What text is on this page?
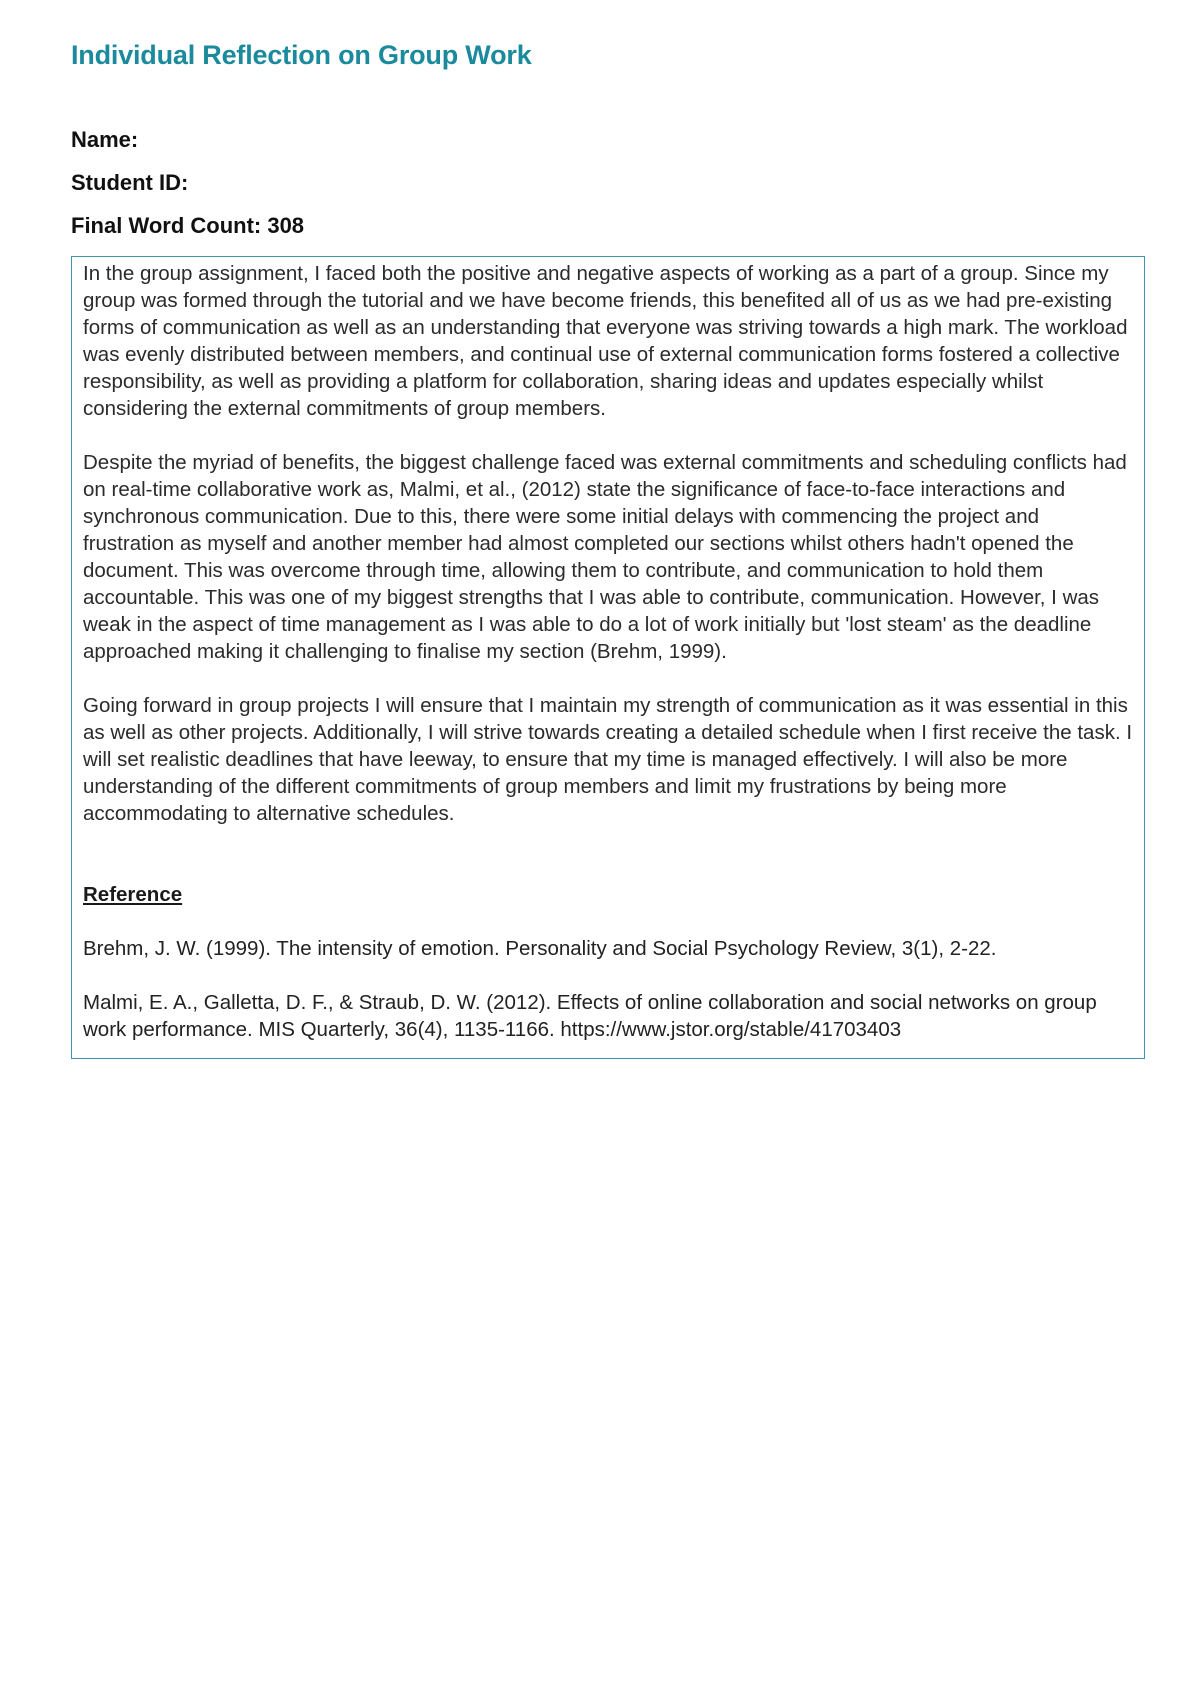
Individual Reflection on Group Work

Name:

Student ID:

Final Word Count: 308

In the group assignment, I faced both the positive and negative aspects of working as a part of a group. Since my group was formed through the tutorial and we have become friends, this benefited all of us as we had pre-existing forms of communication as well as an understanding that everyone was striving towards a high mark. The workload was evenly distributed between members, and continual use of external communication forms fostered a collective responsibility, as well as providing a platform for collaboration, sharing ideas and updates especially whilst considering the external commitments of group members.

Despite the myriad of benefits, the biggest challenge faced was external commitments and scheduling conflicts had on real-time collaborative work as, Malmi, et al., (2012) state the significance of face-to-face interactions and synchronous communication. Due to this, there were some initial delays with commencing the project and frustration as myself and another member had almost completed our sections whilst others hadn't opened the document. This was overcome through time, allowing them to contribute, and communication to hold them accountable. This was one of my biggest strengths that I was able to contribute, communication. However, I was weak in the aspect of time management as I was able to do a lot of work initially but 'lost steam' as the deadline approached making it challenging to finalise my section (Brehm, 1999).

Going forward in group projects I will ensure that I maintain my strength of communication as it was essential in this as well as other projects. Additionally, I will strive towards creating a detailed schedule when I first receive the task. I will set realistic deadlines that have leeway, to ensure that my time is managed effectively. I will also be more understanding of the different commitments of group members and limit my frustrations by being more accommodating to alternative schedules.

Reference

Brehm, J. W. (1999). The intensity of emotion. Personality and Social Psychology Review, 3(1), 2-22.

Malmi, E. A., Galletta, D. F., & Straub, D. W. (2012). Effects of online collaboration and social networks on group work performance. MIS Quarterly, 36(4), 1135-1166. https://www.jstor.org/stable/41703403
